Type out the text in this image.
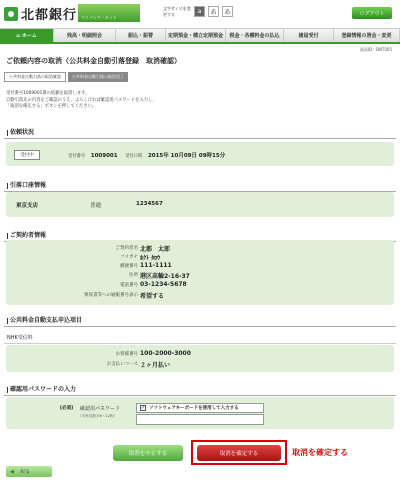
北都銀行 マイバンク・ネット
文字サイズを変更する	a	あ	あ	ログアウト
⌂ ホーム	残高・明細照会	振込・振替	定期預金・積立定期預金	税金・各種料金の払込	諸届受付	登録情報の照会・変更
画面ID：BNT005
ご依頼内容の取消（公共料金自動引落登録　取消確認）
公共料金自動引落の取消確認	公共料金自動引落の取消完了
受付番号1009001番の依頼を取消します。
自動引落先の内容をご確認のうえ、よろしければ確認用パスワードを入力し、
「取消を確定する」ボタンを押してください。
依頼状況
受付中	受付番号 1009001 受付日時 2015年 10月09日 09時15分
引落口座情報
東京支店	普通	1234567
ご契約者情報
ご契約者名 北都　太郎
フリガナ ﾎｸﾄ ﾀﾛｳ
郵便番号 111-1111
住所 港区高輪2-16-37
電話番号 03-1234-5678
領収書等への通帳番号表示 希望する
公共料金自動支払申込項目
NHK受信料
お客様番号 100-2000-3000
お支払いコース ２ヶ月払い
確認用パスワードの入力
[必須] 確認用パスワード
（半角英数字6〜12桁）
✓ ソフトウェアキーボードを使用して入力する
取消を中止する	取消を確定する	取消を確定する
◀ 戻る
